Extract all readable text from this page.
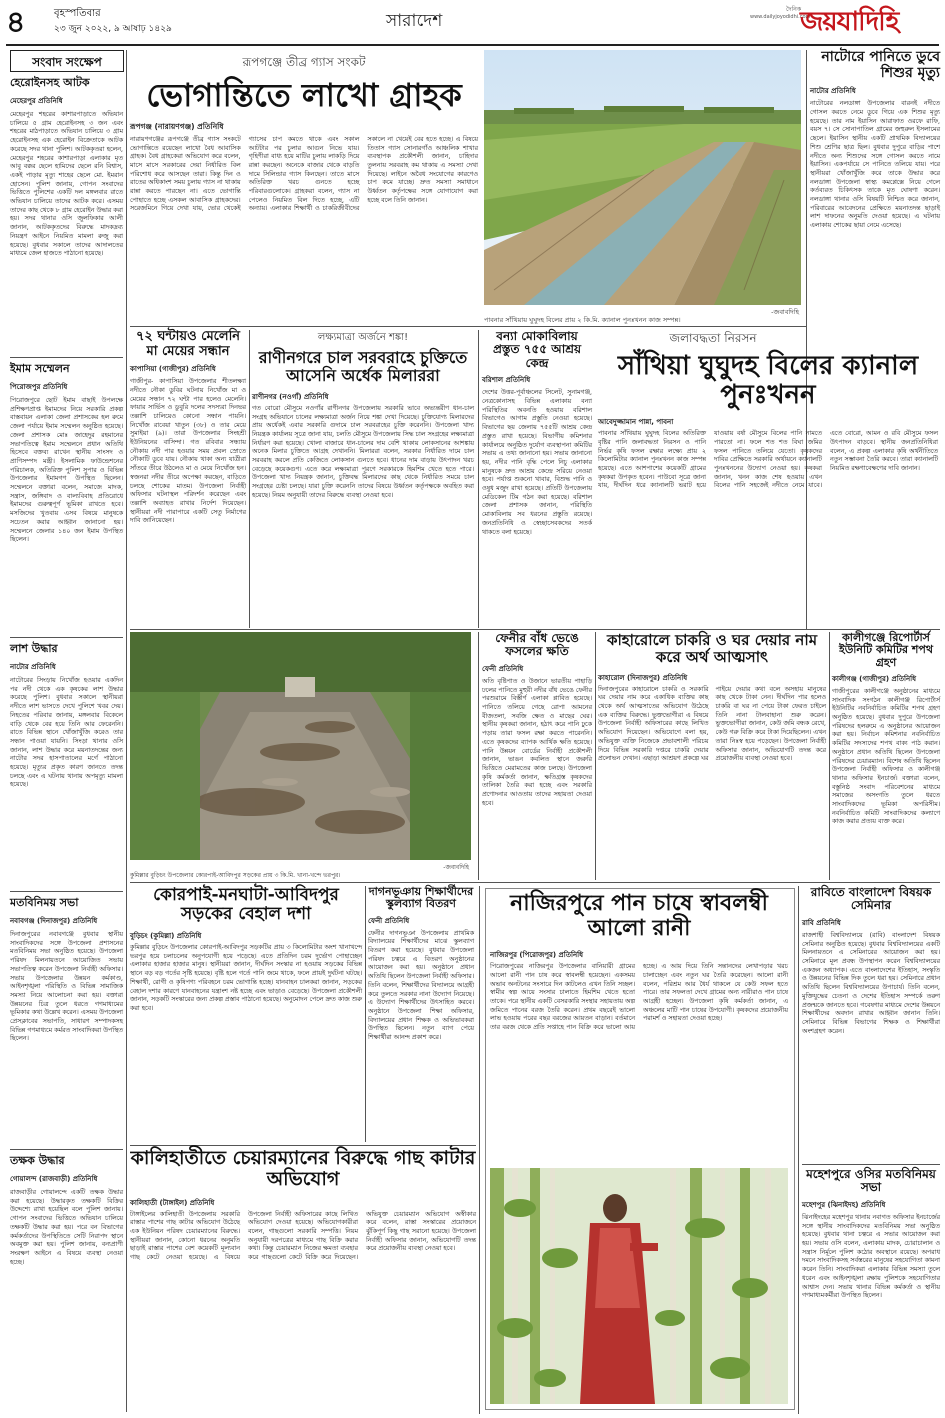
৪	বৃহস্পতিবার
২৩ জুন ২০২২, ৯ আষাঢ় ১৪২৯	সারাদেশ
দৈনিক
www.dailyjoyodidhi.com
জয়যাদিহি
সংবাদ সংক্ষেপ
হেরোইনসহ আটক
মেহেরপুর প্রতিনিধি
মেহেরপুর শহরের কাশারপাড়াতে অভিযান চালিয়ে ৫ গ্রাম হেরোইনসহ ৩ জন এবং শহরের মাঠপাড়াতে অভিযান চালিয়ে ৩ গ্রাম হেরোইনসহ এক হেরোইন বিক্রেতাকে আটক করেছে সদর থানা পুলিশ। আটককৃতরা হলেন, মেহেরপুর শহরের কাশারপাড়া এলাকার মৃত আবু বক্কর ছেলে হামিদের ছেলে রনি বিশ্বাস, একই পাড়ার মৃত্যু শাহের ছেলে মো. ইমরান হোসেন। পুলিশ জানায়, গোপন সংবাদের ভিত্তিতে পুলিশের একটি দল মঙ্গলবার রাতে অভিযান চালিয়ে তাদের আটক করে। এসময় তাদের কাছ থেকে ৮ গ্রাম হেরোইন উদ্ধার করা হয়। সদর থানার ওসি জুলফিকার আলী জানান, আটককৃতদের বিরুদ্ধে মাদকদ্রব্য নিয়ন্ত্রণ আইনে নিয়মিত মামলা রুজু করা হয়েছে। বুধবার সকালে তাদের আদালতের মাধ্যমে জেল হাজতে পাঠানো হয়েছে।
ইমাম সম্মেলন
পিরোজপুর প্রতিনিধি
পিরোজপুরে ছোট ইমাম বাছাই উপলক্ষে প্রশিক্ষণপ্রাপ্ত ইমামদের নিয়ে সরকারি প্রকল্প বাস্তবায়ন এলাকা জেলা প্রশাসকের হল রুমে জেলা পর্যায়ে ইমাম সম্মেলন অনুষ্ঠিত হয়েছে। জেলা প্রশাসক মোঃ জাহেদুর রহমানের সভাপতিত্বে ইমাম সম্মেলনে প্রধান অতিথি হিসেবে বক্তব্য রাখেন স্থানীয় সাংসদ ও প্রাণিসম্পদ মন্ত্রী। ইসলামিক ফাউন্ডেশনের পরিচালক, অতিরিক্ত পুলিশ সুপার ও বিভিন্ন উপজেলার ইমামগণ উপস্থিত ছিলেন। সম্মেলনে বক্তারা বলেন, সমাজে মাদক, সন্ত্রাস, জঙ্গিবাদ ও বাল্যবিবাহ প্রতিরোধে ইমামদের গুরুত্বপূর্ণ ভূমিকা রাখতে হবে। মসজিদের খুতবায় এসব বিষয়ে মানুষকে সচেতন করার আহ্বান জানানো হয়। সম্মেলনে জেলার ১৪০ জন ইমাম উপস্থিত ছিলেন।
লাশ উদ্ধার
নাটোর প্রতিনিধি
নাটোরের সিংড়ায় নিখোঁজ হওয়ার একদিন পর নদী থেকে এক কৃষকের লাশ উদ্ধার করেছে পুলিশ। বুধবার সকালে স্থানীয়রা নদীতে লাশ ভাসতে দেখে পুলিশে খবর দেয়। নিহতের পরিবার জানায়, মঙ্গলবার বিকেলে বাড়ি থেকে বের হয়ে তিনি আর ফেরেননি। রাতে বিভিন্ন স্থানে খোঁজাখুঁজি করেও তার সন্ধান পাওয়া যায়নি। সিংড়া থানার ওসি জানান, লাশ উদ্ধার করে ময়নাতদন্তের জন্য নাটোর সদর হাসপাতালের মর্গে পাঠানো হয়েছে। মৃত্যুর প্রকৃত কারণ জানতে তদন্ত চলছে এবং এ ঘটনায় থানায় অপমৃত্যু মামলা হয়েছে।
মতবিনিময় সভা
নবাবগঞ্জ (দিনাজপুর) প্রতিনিধি
দিনাজপুরের নবাবগঞ্জে বুধবার স্থানীয় সাংবাদিকদের সঙ্গে উপজেলা প্রশাসনের মতবিনিময় সভা অনুষ্ঠিত হয়েছে। উপজেলা পরিষদ মিলনায়তনে আয়োজিত সভায় সভাপতিত্ব করেন উপজেলা নির্বাহী অফিসার। সভায় উপজেলার উন্নয়ন কর্মকাণ্ড, আইনশৃঙ্খলা পরিস্থিতি ও বিভিন্ন সামাজিক সমস্যা নিয়ে আলোচনা করা হয়। বক্তারা উন্নয়নের চিত্র তুলে ধরতে গণমাধ্যমের ভূমিকার কথা উল্লেখ করেন। এসময় উপজেলা প্রেসক্লাবের সভাপতি, সাধারণ সম্পাদকসহ বিভিন্ন গণমাধ্যমে কর্মরত সাংবাদিকরা উপস্থিত ছিলেন।
তক্ষক উদ্ধার
গোয়ালন্দ (রাজবাড়ী) প্রতিনিধি
রাজবাড়ীর গোয়ালন্দে একটি তক্ষক উদ্ধার করা হয়েছে। উদ্ধারকৃত তক্ষকটি বিক্রির উদ্দেশ্যে রাখা হয়েছিল বলে পুলিশ জানায়। গোপন সংবাদের ভিত্তিতে অভিযান চালিয়ে তক্ষকটি উদ্ধার করা হয়। পরে বন বিভাগের কর্মকর্তাদের উপস্থিতিতে সেটি নিরাপদ স্থানে অবমুক্ত করা হয়। পুলিশ জানায়, বন্যপ্রাণী সংরক্ষণ আইনে এ বিষয়ে ব্যবস্থা নেওয়া হচ্ছে।
রূপগঞ্জে তীব্র গ্যাস সংকট
ভোগান্তিতে লাখো গ্রাহক
রূপগঞ্জ (নারায়ণগঞ্জ) প্রতিনিধি
নারায়ণগঞ্জের রূপগঞ্জে তীব্র গ্যাস সংকটে ভোগান্তিতে রয়েছেন লাখো বৈধ আবাসিক গ্রাহক। বৈধ গ্রাহকেরা অভিযোগ করে বলেন, মাসে মাসে সরকারের দেয়া নির্ধারিত বিল পরিশোধ করে আসছেন তারা। কিন্তু দিন ও রাতের অধিকাংশ সময় চুলায় গ্যাস না থাকায় রান্না করতে পারছেন না। এতে ভোগান্তি পোহাতে হচ্ছে এসকল আবাসিক গ্রাহকদের। সরেজমিনে গিয়ে দেখা যায়, ভোর থেকেই গ্যাসের চাপ কমতে থাকে এবং সকাল আটটার পর চুলার আগুন নিভে যায়। গৃহিণীরা বাধ্য হয়ে মাটির চুলায় লাকড়ি দিয়ে রান্না করছেন। অনেকে বাজার থেকে বাড়তি দামে সিলিন্ডার গ্যাস কিনছেন। তাতে মাসে অতিরিক্ত খরচ গুনতে হচ্ছে পরিবারগুলোকে। গ্রাহকরা বলেন, গ্যাস না পেলেও নিয়মিত বিল দিতে হচ্ছে, এটি অন্যায়। এলাকার শিক্ষার্থী ও চাকরিজীবীদের সকালে না খেয়েই বের হতে হচ্ছে। এ বিষয়ে তিতাস গ্যাস সোনারগাঁও আঞ্চলিক শাখার ব্যবস্থাপক প্রকৌশলী জানান, চাহিদার তুলনায় সরবরাহ কম থাকায় এ সমস্যা দেখা দিয়েছে। লাইনে অবৈধ সংযোগের কারণেও চাপ কমে যাচ্ছে। দ্রুত সমস্যা সমাধানে উর্ধ্বতন কর্তৃপক্ষের সঙ্গে যোগাযোগ করা হচ্ছে বলে তিনি জানান।
পাবনার সাঁথিয়ায় ঘুঘুদহ বিলের প্রায় ২ কি.মি. ক্যানাল পুনঃখনন কাজ সম্পন্ন।
-জবাবদিহি
নাটোরে পানিতে ডুবে শিশুর মৃত্যু
নাটোর প্রতিনিধি
নাটোরের নলডাঙ্গা উপজেলার বারনই নদীতে গোসল করতে নেমে ডুবে গিয়ে এক শিশুর মৃত্যু হয়েছে। তার নাম ইয়াসিন আরাফাত ওরফে রাফি, বয়স ৭। সে সোনাপাতিল গ্রামের জহুরুল ইসলামের ছেলে। ইয়াসিন স্থানীয় একটি প্রাথমিক বিদ্যালয়ের শিশু শ্রেণির ছাত্র ছিল। বুধবার দুপুরে বাড়ির পাশে নদীতে অন্য শিশুদের সঙ্গে গোসল করতে নামে ইয়াসিন। একপর্যায়ে সে পানিতে তলিয়ে যায়। পরে স্থানীয়রা খোঁজাখুঁজি করে তাকে উদ্ধার করে নলডাঙ্গা উপজেলা স্বাস্থ্য কমপ্লেক্সে নিয়ে গেলে কর্তব্যরত চিকিৎসক তাকে মৃত ঘোষণা করেন। নলডাঙ্গা থানার ওসি বিষয়টি নিশ্চিত করে জানান, পরিবারের আবেদনের প্রেক্ষিতে ময়নাতদন্ত ছাড়াই লাশ দাফনের অনুমতি দেওয়া হয়েছে। এ ঘটনায় এলাকায় শোকের ছায়া নেমে এসেছে।
৭২ ঘন্টায়ও মেলেনি মা মেয়ের সন্ধান
কাপাসিয়া (গাজীপুর) প্রতিনিধি
গাজীপুর- কাপাসিয়া উপজেলার শীতলক্ষ্যা নদীতে নৌকা ডুবির ঘটনায় নিখোঁজ মা ও মেয়ের সন্ধান ৭২ ঘন্টা পার হলেও মেলেনি। ফায়ার সার্ভিস ও ডুবুরি দলের সদস্যরা দিনভর তল্লাশি চালিয়েও কোনো সন্ধান পায়নি। নিখোঁজ রাবেয়া খাতুন (৩৮) ও তার মেয়ে সুমাইয়া (৯)। তারা উপজেলার সিংহশ্রী ইউনিয়নের বাসিন্দা। গত রবিবার সন্ধ্যায় নৌকায় নদী পার হওয়ার সময় প্রবল স্রোতে নৌকাটি ডুবে যায়। নৌকায় থাকা অন্য যাত্রীরা সাঁতরে তীরে উঠলেও মা ও মেয়ে নিখোঁজ হন। স্বজনরা নদীর তীরে অপেক্ষা করছেন, বাড়িতে চলছে শোকের মাতম। উপজেলা নির্বাহী অফিসার ঘটনাস্থল পরিদর্শন করেছেন এবং তল্লাশি অব্যাহত রাখার নির্দেশ দিয়েছেন। স্থানীয়রা নদী পারাপারে একটি সেতু নির্মাণের দাবি জানিয়েছেন।
লক্ষ্যমাত্রা অর্জনে শঙ্কা!
রাণীনগরে চাল সরবরাহে চুক্তিতে আসেনি অর্ধেক মিলাররা
রাণীনগর (নওগাঁ) প্রতিনিধি
গত বোরো মৌসুমে নওগাঁর রাণীনগর উপজেলায় সরকারি ভাবে অভ্যন্তরীণ ধান-চাল সংগ্রহ অভিযানে চালের লক্ষ্যমাত্রা অর্জন নিয়ে শঙ্কা দেখা দিয়েছে। চুক্তিযোগ্য মিলারদের প্রায় অর্ধেকই এবার সরকারি গুদামে চাল সরবরাহের চুক্তি করেননি। উপজেলা খাদ্য নিয়ন্ত্রক কার্যালয় সূত্রে জানা যায়, চলতি মৌসুমে উপজেলায় সিদ্ধ চাল সংগ্রহের লক্ষ্যমাত্রা নির্ধারণ করা হয়েছে। খোলা বাজারে ধান-চালের দাম বেশি থাকায় লোকসানের আশঙ্কায় অনেক মিলার চুক্তিতে আগ্রহ দেখাননি। মিলাররা বলেন, সরকার নির্ধারিত দামে চাল সরবরাহ করলে প্রতি কেজিতে লোকসান গুনতে হবে। ধানের দাম বাড়ায় উৎপাদন খরচ বেড়েছে কয়েকগুণ। এতে করে লক্ষ্যমাত্রা পূরণে সরকারকে হিমশিম খেতে হতে পারে। উপজেলা খাদ্য নিয়ন্ত্রক জানান, চুক্তিবদ্ধ মিলারদের কাছ থেকে নির্ধারিত সময়ে চাল সংগ্রহের চেষ্টা চলছে। যারা চুক্তি করেননি তাদের বিষয়ে উর্ধ্বতন কর্তৃপক্ষকে অবহিত করা হয়েছে। নিয়ম অনুযায়ী তাদের বিরুদ্ধে ব্যবস্থা নেওয়া হবে।
বন্যা মোকাবিলায় প্রস্তুত ৭৫৫ আশ্রয় কেন্দ্র
বরিশাল প্রতিনিধি
দেশের উত্তর-পূর্বাঞ্চলের সিলেট, সুনামগঞ্জ, নেত্রকোনাসহ বিভিন্ন এলাকায় বন্যা পরিস্থিতির অবনতি হওয়ায় বরিশাল বিভাগেও আগাম প্রস্তুতি নেওয়া হয়েছে। বিভাগের ছয় জেলায় ৭৫৫টি আশ্রয় কেন্দ্র প্রস্তুত রাখা হয়েছে। বিভাগীয় কমিশনার কার্যালয়ে অনুষ্ঠিত দুর্যোগ ব্যবস্থাপনা কমিটির সভায় এ তথ্য জানানো হয়। সভায় জানানো হয়, নদীর পানি বৃদ্ধি পেলে নিচু এলাকার মানুষকে দ্রুত আশ্রয় কেন্দ্রে সরিয়ে নেওয়া হবে। পর্যাপ্ত শুকনো খাবার, বিশুদ্ধ পানি ও ওষুধ মজুদ রাখা হয়েছে। প্রতিটি উপজেলায় মেডিকেল টিম গঠন করা হয়েছে। বরিশাল জেলা প্রশাসক জানান, পরিস্থিতি মোকাবিলায় সব ধরনের প্রস্তুতি রয়েছে। জনপ্রতিনিধি ও স্বেচ্ছাসেবকদের সতর্ক থাকতে বলা হয়েছে।
জলাবদ্ধতা নিরসন
সাঁথিয়া ঘুঘুদহ বিলের ক্যানাল পুনঃখনন
আবেদুজ্জামান পান্না, পাবনা
পাবনার সাঁথিয়ায় ঘুঘুদহ বিলের অতিরিক্ত বৃষ্টির পানি জলাবদ্ধতা নিরসন ও পানি নির্ভর কৃষি ফসল রক্ষার লক্ষ্যে প্রায় ২ কিলোমিটার ক্যানাল পুনঃখনন কাজ সম্পন্ন হয়েছে। এতে আশপাশের কয়েকটি গ্রামের কৃষকরা উপকৃত হবেন। পাউবো সূত্রে জানা যায়, দীর্ঘদিন ধরে ক্যানালটি ভরাট হয়ে যাওয়ায় বর্ষা মৌসুমে বিলের পানি নামতে পারতো না। ফলে শত শত বিঘা জমির ফসল পানিতে তলিয়ে যেতো। কৃষকদের দাবির প্রেক্ষিতে সরকারি অর্থায়নে ক্যানালটি পুনঃখননের উদ্যোগ নেওয়া হয়। কৃষকরা জানান, খনন কাজ শেষ হওয়ায় এখন বিলের পানি সহজেই নদীতে নেমে যাবে। এতে বোরো, আমন ও রবি মৌসুমে ফসল উৎপাদন বাড়বে। স্থানীয় জনপ্রতিনিধিরা বলেন, এ প্রকল্প এলাকার কৃষি অর্থনীতিতে নতুন সম্ভাবনা তৈরি করবে। তারা ক্যানালটি নিয়মিত রক্ষণাবেক্ষণের দাবি জানান।
কুমিল্লার বুড়িচং উপজেলার কোরপাই-আবিদপুর সড়কের প্রায় ৩ কি.মি. খানা-খন্দে ভরপুর।
-জবাবদিহি
ফেনীর বাঁধ ভেঙে ফসলের ক্ষতি
ফেনী প্রতিনিধি
অতি বৃষ্টিপাত ও উজানে ভারতীয় পাহাড়ি ঢলের পানিতে মুহুরী নদীর বাঁধ ভেঙে ফেনীর পরশুরামে বিস্তীর্ণ এলাকা প্লাবিত হয়েছে। পানিতে তলিয়ে গেছে রোপা আমনের বীজতলা, সবজি ক্ষেত ও মাছের ঘের। স্থানীয় কৃষকরা জানান, হঠাৎ করে পানি ঢুকে পড়ায় তারা ফসল রক্ষা করতে পারেননি। এতে কৃষকদের ব্যাপক আর্থিক ক্ষতি হয়েছে। পানি উন্নয়ন বোর্ডের নির্বাহী প্রকৌশলী জানান, ভাঙন কবলিত স্থানে জরুরি ভিত্তিতে মেরামতের কাজ চলছে। উপজেলা কৃষি কর্মকর্তা জানান, ক্ষতিগ্রস্ত কৃষকদের তালিকা তৈরি করা হচ্ছে এবং সরকারি প্রণোদনার আওতায় তাদের সহায়তা দেওয়া হবে।
কাহারোলে চাকরি ও ঘর দেয়ার নাম করে অর্থ আত্মসাৎ
কাহারোল (দিনাজপুর) প্রতিনিধি
দিনাজপুরের কাহারোলে চাকরি ও সরকারি ঘর দেয়ার নাম করে একাধিক ব্যক্তির কাছ থেকে অর্থ আত্মসাতের অভিযোগ উঠেছে এক ব্যক্তির বিরুদ্ধে। ভুক্তভোগীরা এ বিষয়ে উপজেলা নির্বাহী অফিসারের কাছে লিখিত অভিযোগ দিয়েছেন। অভিযোগে বলা হয়, অভিযুক্ত ব্যক্তি নিজেকে প্রভাবশালী পরিচয় দিয়ে বিভিন্ন সরকারি দপ্তরে চাকরি দেয়ার প্রলোভন দেখান। এছাড়া আশ্রয়ণ প্রকল্পে ঘর পাইয়ে দেয়ার কথা বলে অসহায় মানুষের কাছ থেকে টাকা নেন। দীর্ঘদিন পার হলেও চাকরি বা ঘর না পেয়ে টাকা ফেরত চাইলে তিনি নানা টালবাহানা শুরু করেন। ভুক্তভোগীরা জানান, কেউ জমি বন্ধক রেখে, কেউ গরু বিক্রি করে টাকা দিয়েছিলেন। এখন তারা নিঃস্ব হয়ে পড়েছেন। উপজেলা নির্বাহী অফিসার জানান, অভিযোগটি তদন্ত করে প্রয়োজনীয় ব্যবস্থা নেওয়া হবে।
কালীগঞ্জে রিপোর্টার্স ইউনিটি কমিটির শপথ গ্রহণ
কালীগঞ্জ (গাজীপুর) প্রতিনিধি
গাজীপুরের কালীগঞ্জে অনুষ্ঠানের মাধ্যমে সাংবাদিক সংগঠন কালীগঞ্জ রিপোর্টার্স ইউনিটির নবনির্বাচিত কমিটির শপথ গ্রহণ অনুষ্ঠিত হয়েছে। বুধবার দুপুরে উপজেলা পরিষদের হলরুমে এ অনুষ্ঠানের আয়োজন করা হয়। নির্বাচন কমিশনার নবনির্বাচিত কমিটির সদস্যদের শপথ বাক্য পাঠ করান। অনুষ্ঠানে প্রধান অতিথি ছিলেন উপজেলা পরিষদের চেয়ারম্যান। বিশেষ অতিথি ছিলেন উপজেলা নির্বাহী অফিসার ও কালীগঞ্জ থানার অফিসার ইনচার্জ। বক্তারা বলেন, বস্তুনিষ্ঠ সংবাদ পরিবেশনের মাধ্যমে সমাজের অসংগতি তুলে ধরতে সাংবাদিকদের ভূমিকা অপরিসীম। নবনির্বাচিত কমিটি সাংবাদিকদের কল্যাণে কাজ করার প্রত্যয় ব্যক্ত করে।
কোরপাই-মনঘাটা-আবিদপুর সড়কের বেহাল দশা
বুড়িচং (কুমিল্লা) প্রতিনিধি
কুমিল্লার বুড়িচং উপজেলার কোরপাই-আবিদপুর সড়কটির প্রায় ৩ কিলোমিটার অংশ খানাখন্দে ভরপুর হয়ে চলাচলের অনুপযোগী হয়ে পড়েছে। এতে প্রতিদিন চরম দুর্ভোগ পোহাচ্ছেন এলাকার হাজার হাজার মানুষ। স্থানীয়রা জানান, দীর্ঘদিন সংস্কার না হওয়ায় সড়কের বিভিন্ন স্থানে বড় বড় গর্তের সৃষ্টি হয়েছে। বৃষ্টি হলে গর্তে পানি জমে থাকে, ফলে প্রায়ই দুর্ঘটনা ঘটছে। শিক্ষার্থী, রোগী ও কৃষিপণ্য পরিবহনে চরম ভোগান্তি হচ্ছে। যানবাহন চালকরা জানান, সড়কের বেহাল দশার কারণে যানবাহনের যন্ত্রাংশ নষ্ট হচ্ছে এবং ভাড়াও বেড়েছে। উপজেলা প্রকৌশলী জানান, সড়কটি সংস্কারের জন্য প্রকল্প প্রস্তাব পাঠানো হয়েছে। অনুমোদন পেলে দ্রুত কাজ শুরু করা হবে।
দাগনভূঞায় শিক্ষার্থীদের স্কুলব্যাগ বিতরণ
ফেনী প্রতিনিধি
ফেনীর দাগনভূঞা উপজেলায় প্রাথমিক বিদ্যালয়ের শিক্ষার্থীদের মাঝে স্কুলব্যাগ বিতরণ করা হয়েছে। বুধবার উপজেলা পরিষদ চত্বরে এ বিতরণ অনুষ্ঠানের আয়োজন করা হয়। অনুষ্ঠানে প্রধান অতিথি ছিলেন উপজেলা নির্বাহী অফিসার। তিনি বলেন, শিক্ষার্থীদের বিদ্যালয়ে আগ্রহী করে তুলতে সরকার নানা উদ্যোগ নিয়েছে। এ উদ্যোগ শিক্ষার্থীদের উৎসাহিত করবে। অনুষ্ঠানে উপজেলা শিক্ষা অফিসার, বিদ্যালয়ের প্রধান শিক্ষক ও অভিভাবকরা উপস্থিত ছিলেন। নতুন ব্যাগ পেয়ে শিক্ষার্থীরা আনন্দ প্রকাশ করে।
কালিহাতীতে চেয়ারম্যানের বিরুদ্ধে গাছ কাটার অভিযোগ
কালিহাতী (টাঙ্গাইল) প্রতিনিধি
টাঙ্গাইলের কালিহাতী উপজেলায় সরকারি রাস্তার পাশের গাছ কাটার অভিযোগ উঠেছে এক ইউনিয়ন পরিষদ চেয়ারম্যানের বিরুদ্ধে। স্থানীয়রা জানান, কোনো ধরনের অনুমতি ছাড়াই রাস্তার পাশের বেশ কয়েকটি মূল্যবান গাছ কেটে নেওয়া হয়েছে। এ বিষয়ে উপজেলা নির্বাহী অফিসারের কাছে লিখিত অভিযোগ দেওয়া হয়েছে। অভিযোগকারীরা বলেন, গাছগুলো সরকারি সম্পত্তি। নিয়ম অনুযায়ী দরপত্রের মাধ্যমে গাছ বিক্রি করার কথা। কিন্তু চেয়ারম্যান নিজের ক্ষমতা ব্যবহার করে গাছগুলো কেটে বিক্রি করে দিয়েছেন। অভিযুক্ত চেয়ারম্যান অভিযোগ অস্বীকার করে বলেন, রাস্তা সংস্কারের প্রয়োজনে ঝুঁকিপূর্ণ কিছু গাছ সরানো হয়েছে। উপজেলা নির্বাহী অফিসার জানান, অভিযোগটি তদন্ত করে প্রয়োজনীয় ব্যবস্থা নেওয়া হবে।
নাজিরপুরে পান চাষে স্বাবলম্বী আলো রানী
নাজিরপুর (পিরোজপুর) প্রতিনিধি
পিরোজপুরের নাজিরপুর উপজেলার বানিয়ারী গ্রামের আলো রানী পান চাষ করে স্বাবলম্বী হয়েছেন। একসময় অভাব অনটনের সংসারে দিন কাটলেও এখন তিনি সচ্ছল। স্বামীর স্বল্প আয়ে সংসার চালাতে হিমশিম খেতে হতো তাকে। পরে স্থানীয় একটি বেসরকারি সংস্থার সহায়তায় অল্প জমিতে পানের বরজ তৈরি করেন। প্রথম বছরেই ভালো লাভ হওয়ায় পরের বছর বরজের আয়তন বাড়ান। বর্তমানে তার বরজ থেকে প্রতি সপ্তাহে পান বিক্রি করে ভালো আয় হচ্ছে। এ আয় দিয়ে তিনি সন্তানদের লেখাপড়ার খরচ চালাচ্ছেন এবং নতুন ঘর তৈরি করেছেন। আলো রানী বলেন, পরিশ্রম আর ধৈর্য থাকলে যে কেউ সফল হতে পারে। তার সফলতা দেখে গ্রামের অন্য নারীরাও পান চাষে আগ্রহী হচ্ছেন। উপজেলা কৃষি কর্মকর্তা জানান, এ অঞ্চলের মাটি পান চাষের উপযোগী। কৃষকদের প্রয়োজনীয় পরামর্শ ও সহায়তা দেওয়া হচ্ছে।
রাবিতে বাংলাদেশ বিষয়ক সেমিনার
রাবি প্রতিনিধি
রাজশাহী বিশ্ববিদ্যালয়ে (রাবি) বাংলাদেশ বিষয়ক সেমিনার অনুষ্ঠিত হয়েছে। বুধবার বিশ্ববিদ্যালয়ের একটি মিলনায়তনে এ সেমিনারের আয়োজন করা হয়। সেমিনারে মূল প্রবন্ধ উপস্থাপন করেন বিশ্ববিদ্যালয়ের একজন অধ্যাপক। এতে বাংলাদেশের ইতিহাস, সংস্কৃতি ও উন্নয়নের বিভিন্ন দিক তুলে ধরা হয়। সেমিনারে প্রধান অতিথি ছিলেন বিশ্ববিদ্যালয়ের উপাচার্য। তিনি বলেন, মুক্তিযুদ্ধের চেতনা ও দেশের ইতিহাস সম্পর্কে তরুণ প্রজন্মকে জানতে হবে। গবেষণার মাধ্যমে দেশের উন্নয়নে শিক্ষার্থীদের অবদান রাখার আহ্বান জানান তিনি। সেমিনারে বিভিন্ন বিভাগের শিক্ষক ও শিক্ষার্থীরা অংশগ্রহণ করেন।
মহেশপুরে ওসির মতবিনিময় সভা
মহেশপুর (ঝিনাইদহ) প্রতিনিধি
ঝিনাইদহের মহেশপুর থানায় নবাগত অফিসার ইনচার্জের সঙ্গে স্থানীয় সাংবাদিকদের মতবিনিময় সভা অনুষ্ঠিত হয়েছে। বুধবার থানা চত্বরে এ সভার আয়োজন করা হয়। সভায় ওসি বলেন, এলাকায় মাদক, চোরাচালান ও সন্ত্রাস নির্মূলে পুলিশ কঠোর অবস্থানে রয়েছে। অপরাধ দমনে সাংবাদিকসহ সর্বস্তরের মানুষের সহযোগিতা কামনা করেন তিনি। সাংবাদিকরা এলাকার বিভিন্ন সমস্যা তুলে ধরেন এবং আইনশৃঙ্খলা রক্ষায় পুলিশকে সহযোগিতার আশ্বাস দেন। সভায় থানার বিভিন্ন কর্মকর্তা ও স্থানীয় গণমাধ্যমকর্মীরা উপস্থিত ছিলেন।
